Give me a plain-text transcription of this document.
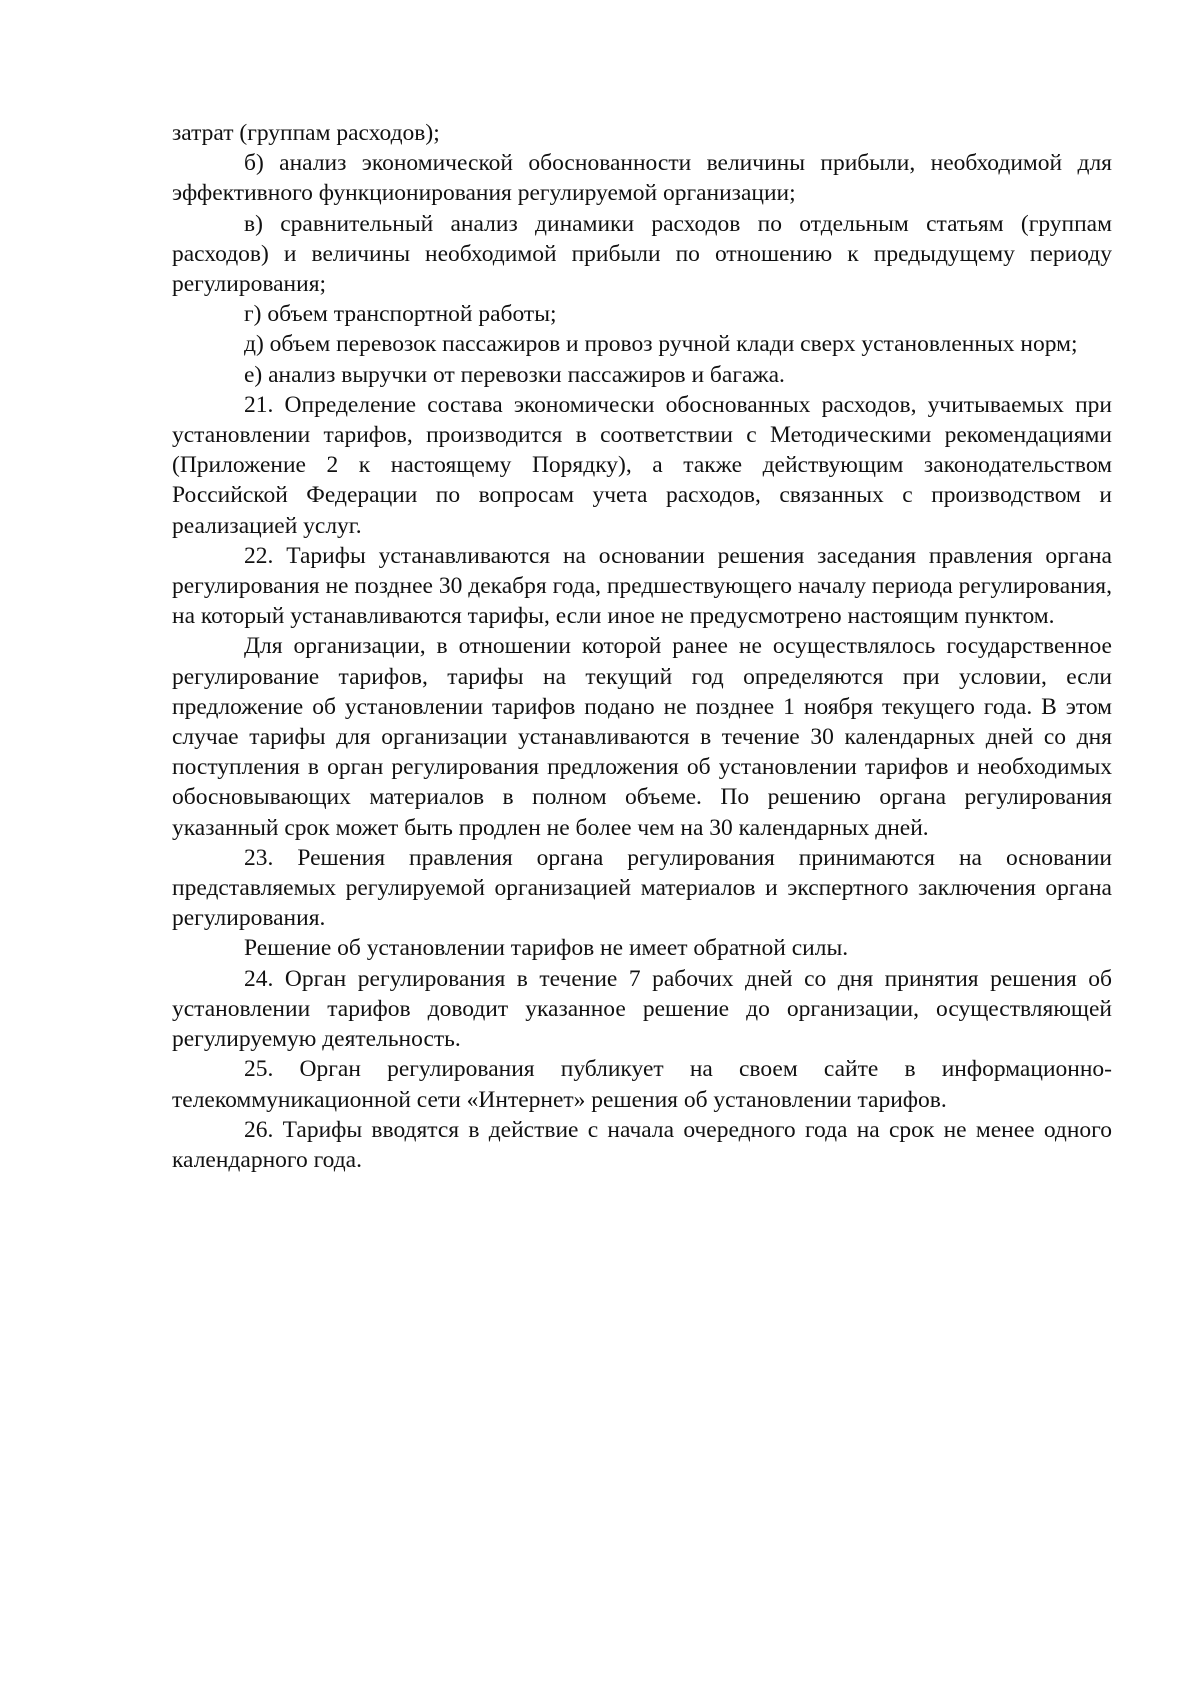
затрат (группам расходов);

б) анализ экономической обоснованности величины прибыли, необходимой для эффективного функционирования регулируемой организации;

в) сравнительный анализ динамики расходов по отдельным статьям (группам расходов) и величины необходимой прибыли по отношению к предыдущему периоду регулирования;

г) объем транспортной работы;

д) объем перевозок пассажиров и провоз ручной клади сверх установленных норм;

е) анализ выручки от перевозки пассажиров и багажа.

21. Определение состава экономически обоснованных расходов, учитываемых при установлении тарифов, производится в соответствии с Методическими рекомендациями (Приложение 2 к настоящему Порядку), а также действующим законодательством Российской Федерации по вопросам учета расходов, связанных с производством и реализацией услуг.

22. Тарифы устанавливаются на основании решения заседания правления органа регулирования не позднее 30 декабря года, предшествующего началу периода регулирования, на который устанавливаются тарифы, если иное не предусмотрено настоящим пунктом.

Для организации, в отношении которой ранее не осуществлялось государственное регулирование тарифов, тарифы на текущий год определяются при условии, если предложение об установлении тарифов подано не позднее 1 ноября текущего года. В этом случае тарифы для организации устанавливаются в течение 30 календарных дней со дня поступления в орган регулирования предложения об установлении тарифов и необходимых обосновывающих материалов в полном объеме. По решению органа регулирования указанный срок может быть продлен не более чем на 30 календарных дней.

23. Решения правления органа регулирования принимаются на основании представляемых регулируемой организацией материалов и экспертного заключения органа регулирования.

Решение об установлении тарифов не имеет обратной силы.

24. Орган регулирования в течение 7 рабочих дней со дня принятия решения об установлении тарифов доводит указанное решение до организации, осуществляющей регулируемую деятельность.

25. Орган регулирования публикует на своем сайте в информационно-телекоммуникационной сети «Интернет» решения об установлении тарифов.

26. Тарифы вводятся в действие с начала очередного года на срок не менее одного календарного года.
